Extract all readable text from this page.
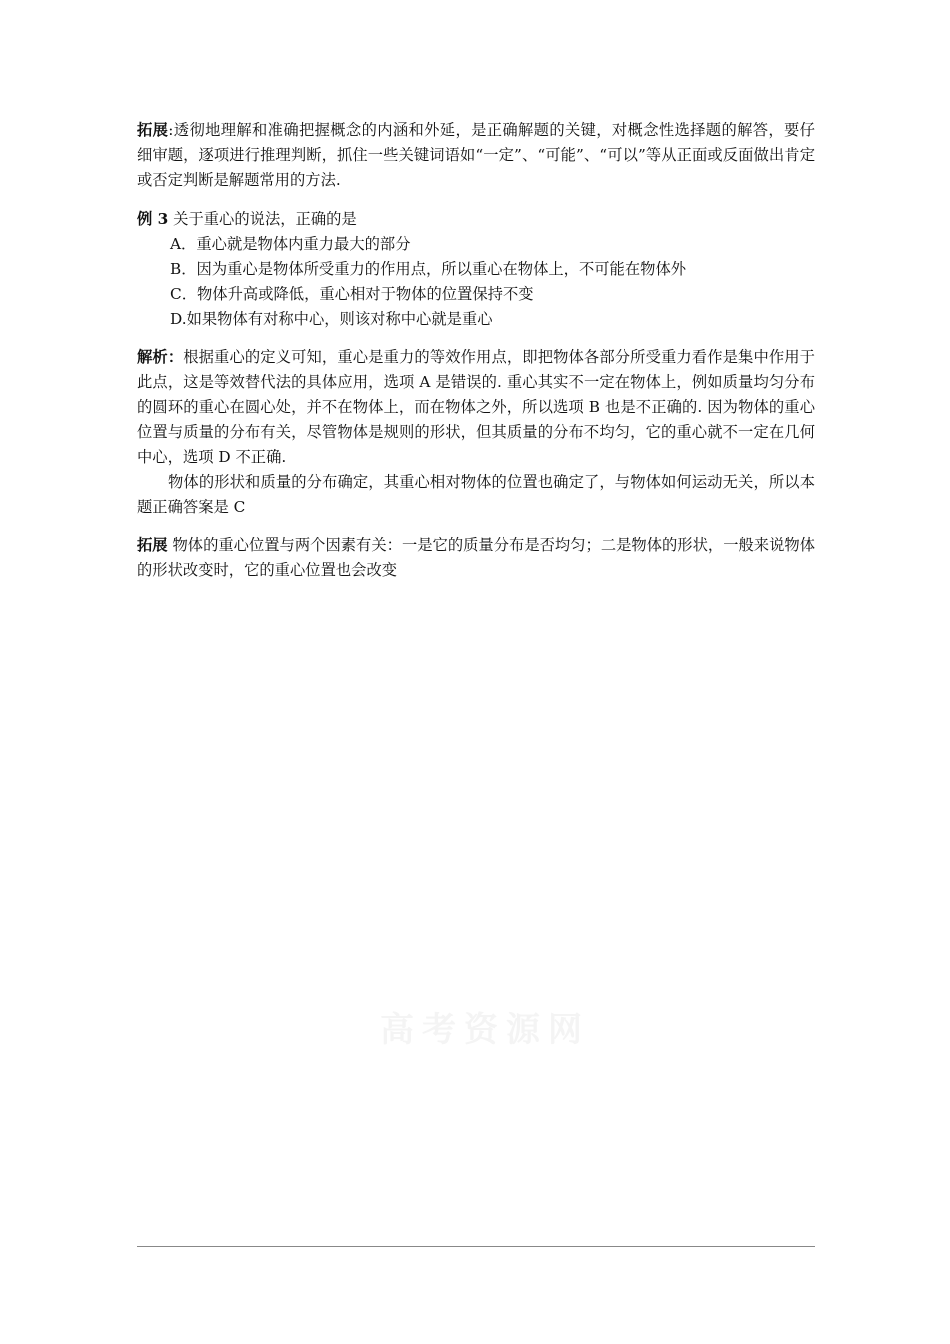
拓展:透彻地理解和准确把握概念的内涵和外延，是正确解题的关键，对概念性选择题的解答，要仔细审题，逐项进行推理判断，抓住一些关键词语如“一定”、“可能”、“可以”等从正面或反面做出肯定或否定判断是解题常用的方法.

例 3 关于重心的说法，正确的是

A．重心就是物体内重力最大的部分

B．因为重心是物体所受重力的作用点，所以重心在物体上，不可能在物体外

C．物体升高或降低，重心相对于物体的位置保持不变

D.如果物体有对称中心，则该对称中心就是重心

解析：根据重心的定义可知，重心是重力的等效作用点，即把物体各部分所受重力看作是集中作用于此点，这是等效替代法的具体应用，选项 A 是错误的. 重心其实不一定在物体上，例如质量均匀分布的圆环的重心在圆心处，并不在物体上，而在物体之外，所以选项 B 也是不正确的. 因为物体的重心位置与质量的分布有关，尽管物体是规则的形状，但其质量的分布不均匀，它的重心就不一定在几何中心，选项 D 不正确.

物体的形状和质量的分布确定，其重心相对物体的位置也确定了，与物体如何运动无关，所以本题正确答案是 C

拓展 物体的重心位置与两个因素有关：一是它的质量分布是否均匀；二是物体的形状，一般来说物体的形状改变时，它的重心位置也会改变

高考资源网
